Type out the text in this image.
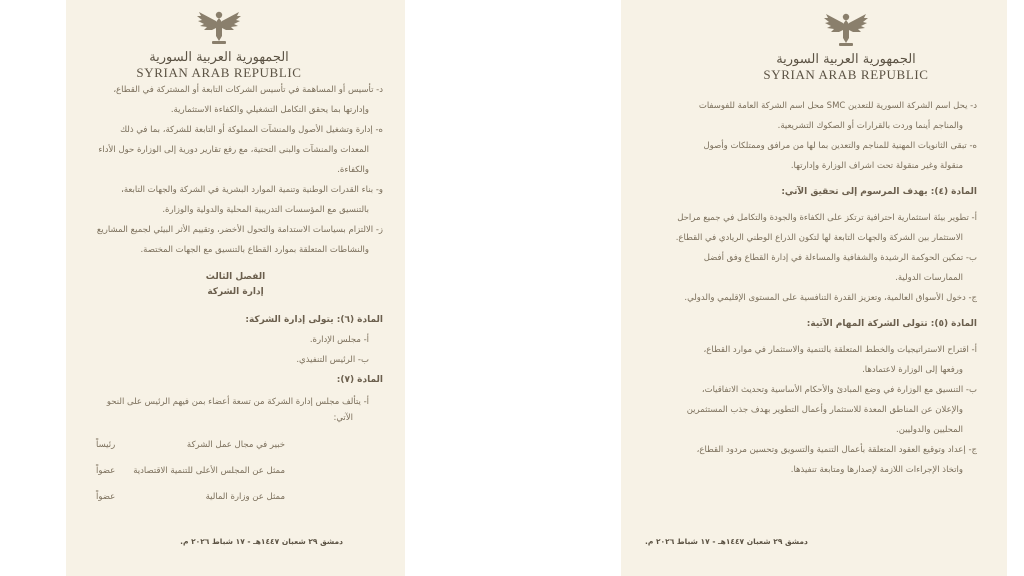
الجمهورية العربية السورية
SYRIAN ARAB REPUBLIC
د- تأسيس أو المساهمة في تأسيس الشركات التابعة أو المشتركة في القطاع،
وإدارتها بما يحقق التكامل التشغيلي والكفاءة الاستثمارية.
ه- إدارة وتشغيل الأصول والمنشآت المملوكة أو التابعة للشركة، بما في ذلك
المعدات والمنشآت والبنى التحتية، مع رفع تقارير دورية إلى الوزارة حول الأداء
والكفاءة.
و- بناء القدرات الوطنية وتنمية الموارد البشرية في الشركة والجهات التابعة،
بالتنسيق مع المؤسسات التدريبية المحلية والدولية والوزارة.
ز- الالتزام بسياسات الاستدامة والتحول الأخضر، وتقييم الأثر البيئي لجميع المشاريع
والنشاطات المتعلقة بموارد القطاع بالتنسيق مع الجهات المختصة.
الفصل الثالث
إدارة الشركة
المادة (٦): يتولى إدارة الشركة:
أ- مجلس الإدارة.
ب- الرئيس التنفيذي.
المادة (٧):
أ- يتألف مجلس إدارة الشركة من تسعة أعضاء بمن فيهم الرئيس على النحو
الآتي:
خبير في مجال عمل الشركة
رئيساً
ممثل عن المجلس الأعلى للتنمية الاقتصادية
عضواً
ممثل عن وزارة المالية
عضواً
دمشق ٢٩ شعبان ١٤٤٧هـ - ١٧ شباط ٢٠٢٦ م.
الجمهورية العربية السورية
SYRIAN ARAB REPUBLIC
د- يحل اسم الشركة السورية للتعدين SMC محل اسم الشركة العامة للفوسفات
والمناجم أينما وردت بالقرارات أو الصكوك التشريعية.
ه- تبقى الثانويات المهنية للمناجم والتعدين بما لها من مرافق وممتلكات وأصول
منقولة وغير منقولة تحت اشراف الوزارة وإدارتها.
المادة (٤): يهدف المرسوم إلى تحقيق الآتي:
أ- تطوير بيئة استثمارية احترافية ترتكز على الكفاءة والجودة والتكامل في جميع مراحل
الاستثمار بين الشركة والجهات التابعة لها لتكون الذراع الوطني الريادي في القطاع.
ب- تمكين الحوكمة الرشيدة والشفافية والمساءلة في إدارة القطاع وفق أفضل
الممارسات الدولية.
ج- دخول الأسواق العالمية، وتعزيز القدرة التنافسية على المستوى الإقليمي والدولي.
المادة (٥): تتولى الشركة المهام الآتية:
أ- اقتراح الاستراتيجيات والخطط المتعلقة بالتنمية والاستثمار في موارد القطاع،
ورفعها إلى الوزارة لاعتمادها.
ب- التنسيق مع الوزارة في وضع المبادئ والأحكام الأساسية وتحديث الاتفاقيات،
والإعلان عن المناطق المعدة للاستثمار وأعمال التطوير بهدف جذب المستثمرين
المحليين والدوليين.
ج- إعداد وتوقيع العقود المتعلقة بأعمال التنمية والتسويق وتحسين مردود القطاع،
واتخاذ الإجراءات اللازمة لإصدارها ومتابعة تنفيذها.
دمشق ٢٩ شعبان ١٤٤٧هـ - ١٧ شباط ٢٠٢٦ م.
